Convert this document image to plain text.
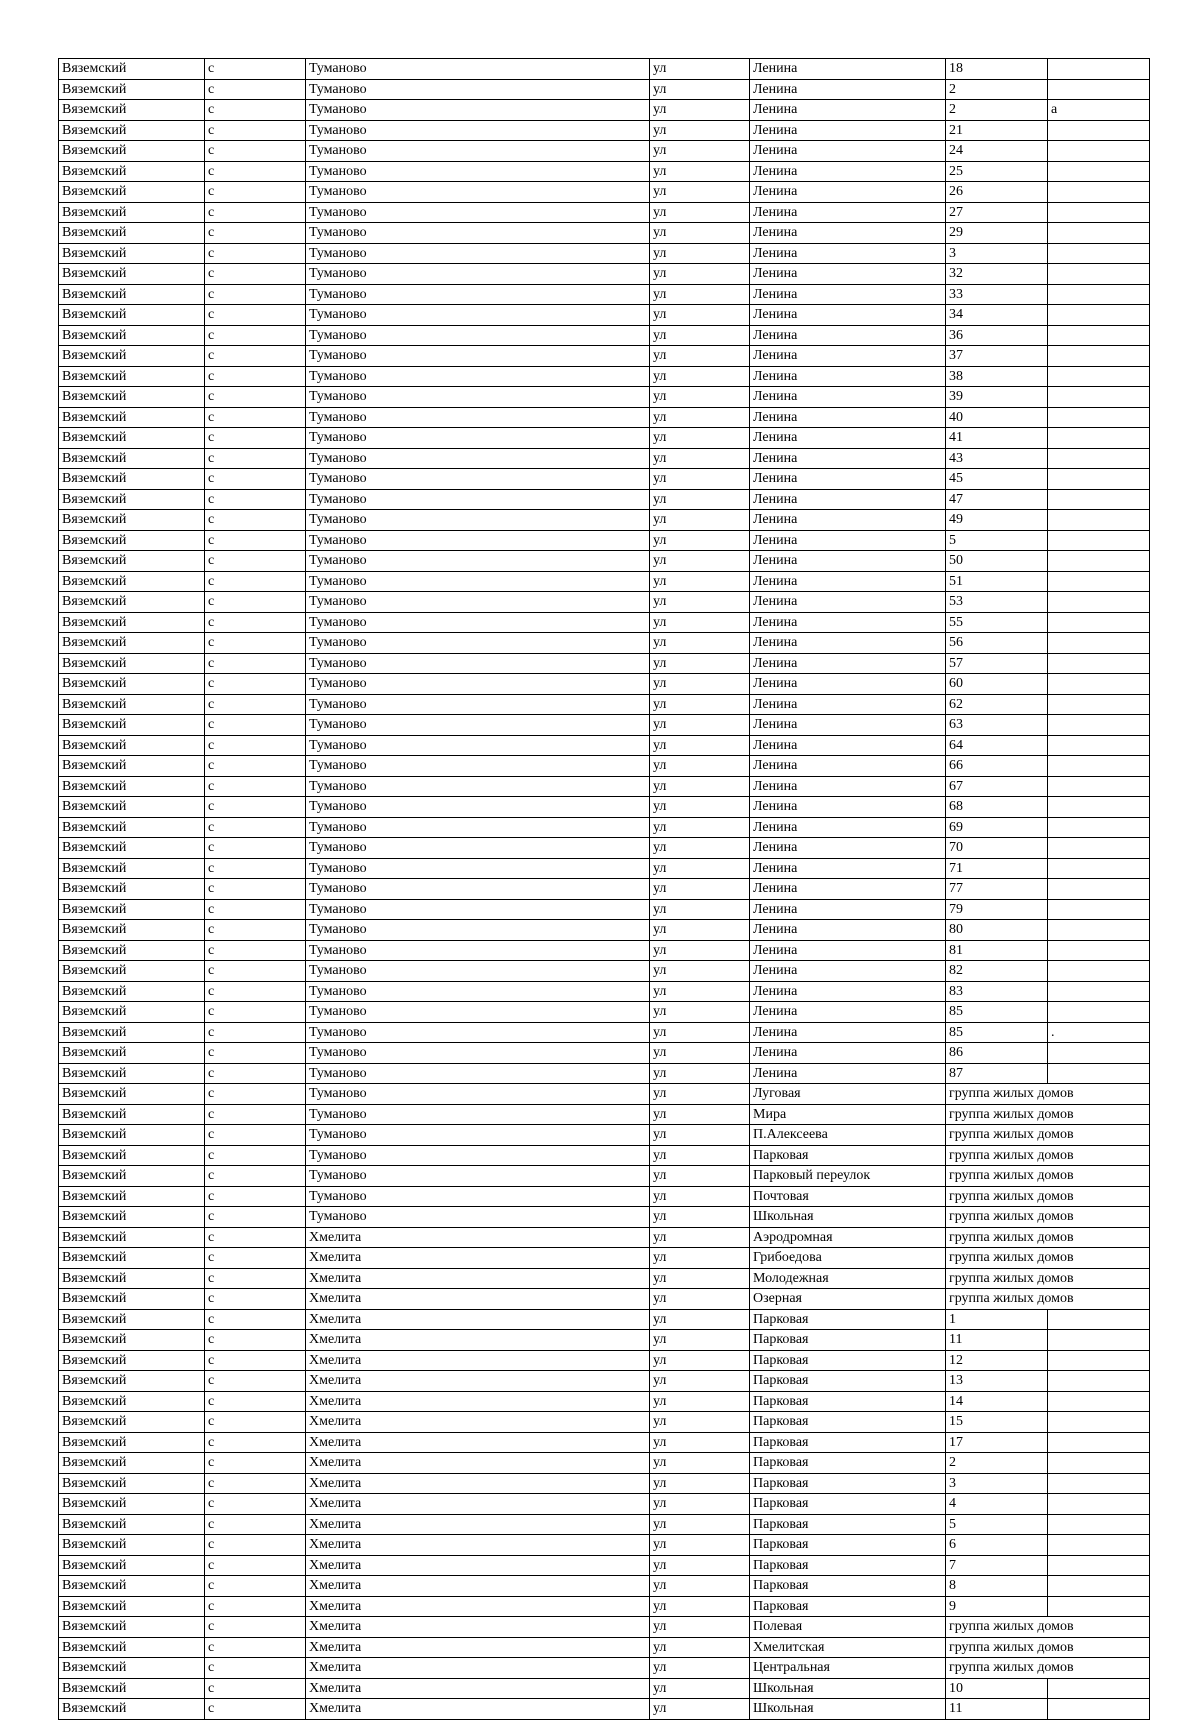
Вяземский	с	Туманово	ул	Ленина	18	
Вяземский	с	Туманово	ул	Ленина	2	
Вяземский	с	Туманово	ул	Ленина	2	а
Вяземский	с	Туманово	ул	Ленина	21	
Вяземский	с	Туманово	ул	Ленина	24	
Вяземский	с	Туманово	ул	Ленина	25	
Вяземский	с	Туманово	ул	Ленина	26	
Вяземский	с	Туманово	ул	Ленина	27	
Вяземский	с	Туманово	ул	Ленина	29	
Вяземский	с	Туманово	ул	Ленина	3	
Вяземский	с	Туманово	ул	Ленина	32	
Вяземский	с	Туманово	ул	Ленина	33	
Вяземский	с	Туманово	ул	Ленина	34	
Вяземский	с	Туманово	ул	Ленина	36	
Вяземский	с	Туманово	ул	Ленина	37	
Вяземский	с	Туманово	ул	Ленина	38	
Вяземский	с	Туманово	ул	Ленина	39	
Вяземский	с	Туманово	ул	Ленина	40	
Вяземский	с	Туманово	ул	Ленина	41	
Вяземский	с	Туманово	ул	Ленина	43	
Вяземский	с	Туманово	ул	Ленина	45	
Вяземский	с	Туманово	ул	Ленина	47	
Вяземский	с	Туманово	ул	Ленина	49	
Вяземский	с	Туманово	ул	Ленина	5	
Вяземский	с	Туманово	ул	Ленина	50	
Вяземский	с	Туманово	ул	Ленина	51	
Вяземский	с	Туманово	ул	Ленина	53	
Вяземский	с	Туманово	ул	Ленина	55	
Вяземский	с	Туманово	ул	Ленина	56	
Вяземский	с	Туманово	ул	Ленина	57	
Вяземский	с	Туманово	ул	Ленина	60	
Вяземский	с	Туманово	ул	Ленина	62	
Вяземский	с	Туманово	ул	Ленина	63	
Вяземский	с	Туманово	ул	Ленина	64	
Вяземский	с	Туманово	ул	Ленина	66	
Вяземский	с	Туманово	ул	Ленина	67	
Вяземский	с	Туманово	ул	Ленина	68	
Вяземский	с	Туманово	ул	Ленина	69	
Вяземский	с	Туманово	ул	Ленина	70	
Вяземский	с	Туманово	ул	Ленина	71	
Вяземский	с	Туманово	ул	Ленина	77	
Вяземский	с	Туманово	ул	Ленина	79	
Вяземский	с	Туманово	ул	Ленина	80	
Вяземский	с	Туманово	ул	Ленина	81	
Вяземский	с	Туманово	ул	Ленина	82	
Вяземский	с	Туманово	ул	Ленина	83	
Вяземский	с	Туманово	ул	Ленина	85	
Вяземский	с	Туманово	ул	Ленина	85	.
Вяземский	с	Туманово	ул	Ленина	86	
Вяземский	с	Туманово	ул	Ленина	87	
Вяземский	с	Туманово	ул	Луговая	группа жилых домов	
Вяземский	с	Туманово	ул	Мира	группа жилых домов	
Вяземский	с	Туманово	ул	П.Алексеева	группа жилых домов	
Вяземский	с	Туманово	ул	Парковая	группа жилых домов	
Вяземский	с	Туманово	ул	Парковый переулок	группа жилых домов	
Вяземский	с	Туманово	ул	Почтовая	группа жилых домов	
Вяземский	с	Туманово	ул	Школьная	группа жилых домов	
Вяземский	с	Хмелита	ул	Аэродромная	группа жилых домов	
Вяземский	с	Хмелита	ул	Грибоедова	группа жилых домов	
Вяземский	с	Хмелита	ул	Молодежная	группа жилых домов	
Вяземский	с	Хмелита	ул	Озерная	группа жилых домов	
Вяземский	с	Хмелита	ул	Парковая	1	
Вяземский	с	Хмелита	ул	Парковая	11	
Вяземский	с	Хмелита	ул	Парковая	12	
Вяземский	с	Хмелита	ул	Парковая	13	
Вяземский	с	Хмелита	ул	Парковая	14	
Вяземский	с	Хмелита	ул	Парковая	15	
Вяземский	с	Хмелита	ул	Парковая	17	
Вяземский	с	Хмелита	ул	Парковая	2	
Вяземский	с	Хмелита	ул	Парковая	3	
Вяземский	с	Хмелита	ул	Парковая	4	
Вяземский	с	Хмелита	ул	Парковая	5	
Вяземский	с	Хмелита	ул	Парковая	6	
Вяземский	с	Хмелита	ул	Парковая	7	
Вяземский	с	Хмелита	ул	Парковая	8	
Вяземский	с	Хмелита	ул	Парковая	9	
Вяземский	с	Хмелита	ул	Полевая	группа жилых домов	
Вяземский	с	Хмелита	ул	Хмелитская	группа жилых домов	
Вяземский	с	Хмелита	ул	Центральная	группа жилых домов	
Вяземский	с	Хмелита	ул	Школьная	10	
Вяземский	с	Хмелита	ул	Школьная	11	
